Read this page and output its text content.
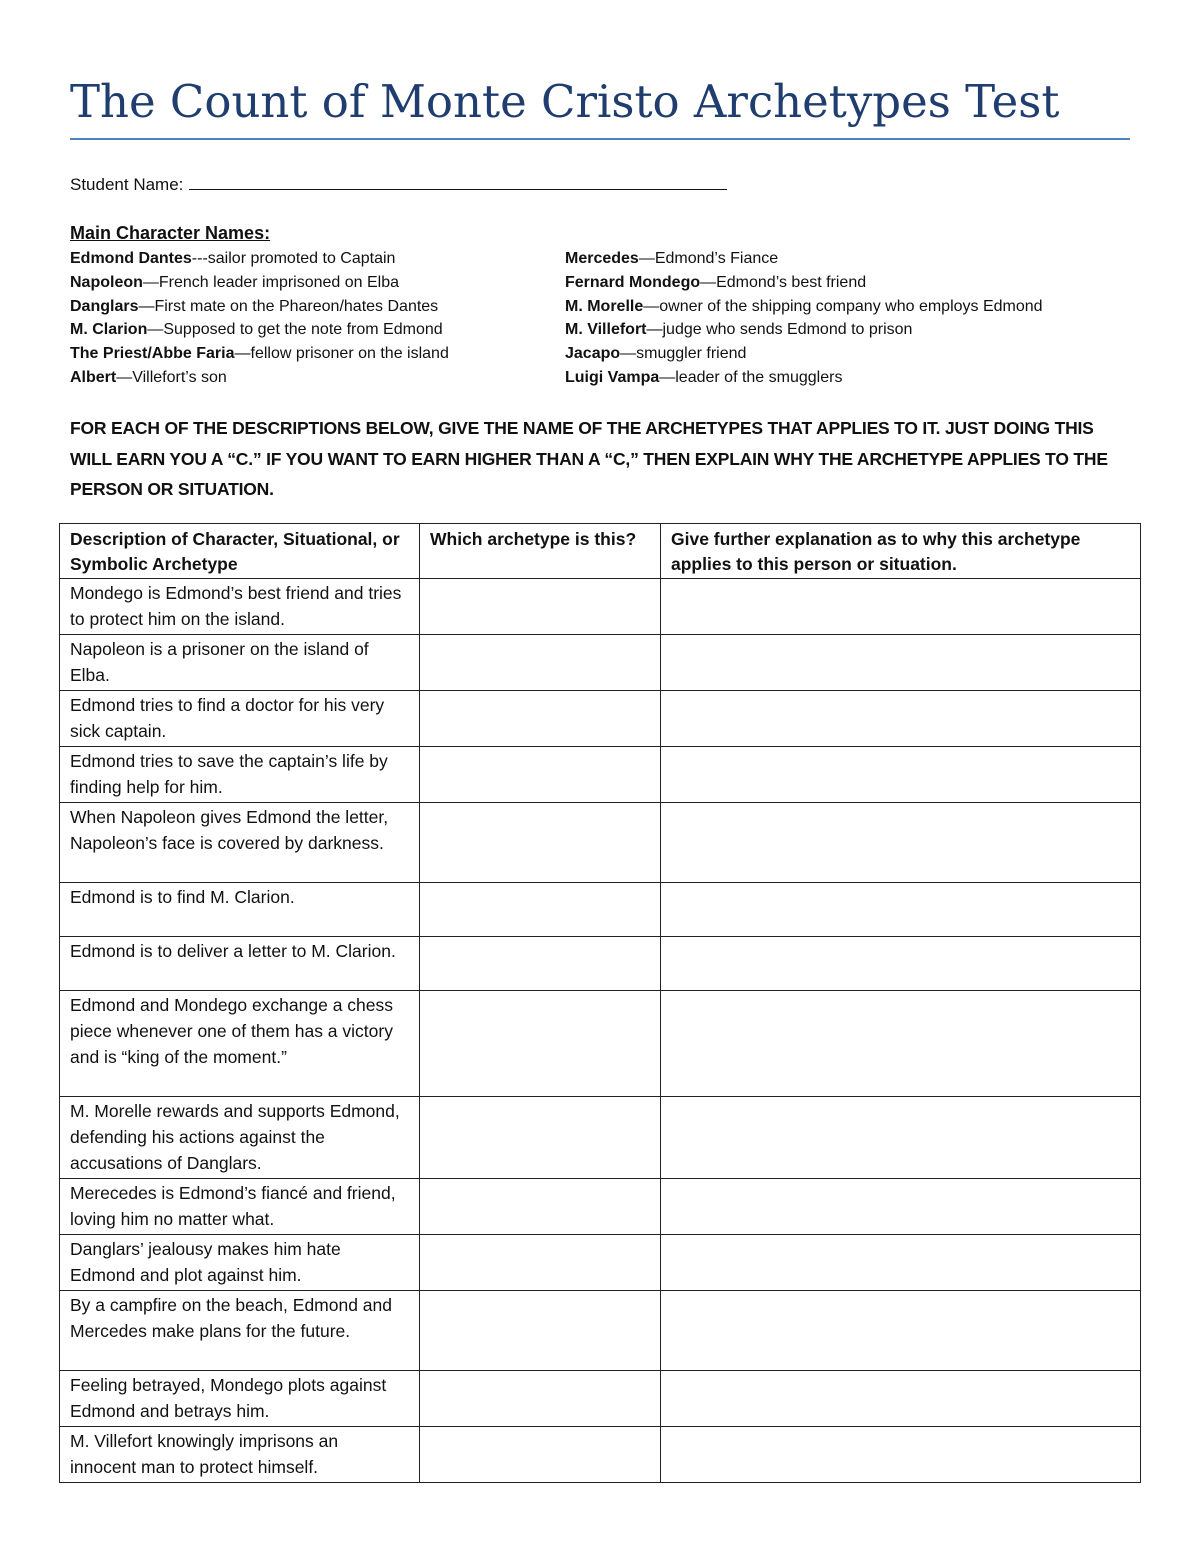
The Count of Monte Cristo Archetypes Test
Student Name:
Main Character Names:
Edmond Dantes---sailor promoted to Captain
Napoleon—French leader imprisoned on Elba
Danglars—First mate on the Phareon/hates Dantes
M. Clarion—Supposed to get the note from Edmond
The Priest/Abbe Faria—fellow prisoner on the island
Albert—Villefort’s son
Mercedes—Edmond’s Fiance
Fernard Mondego—Edmond’s best friend
M. Morelle—owner of the shipping company who employs Edmond
M. Villefort—judge who sends Edmond to prison
Jacapo—smuggler friend
Luigi Vampa—leader of the smugglers
FOR EACH OF THE DESCRIPTIONS BELOW, GIVE THE NAME OF THE ARCHETYPES THAT APPLIES TO IT. JUST DOING THIS WILL EARN YOU A “C.” IF YOU WANT TO EARN HIGHER THAN A “C,” THEN EXPLAIN WHY THE ARCHETYPE APPLIES TO THE PERSON OR SITUATION.
Description of Character, Situational, or Symbolic Archetype	Which archetype is this?	Give further explanation as to why this archetype applies to this person or situation.
Mondego is Edmond’s best friend and tries to protect him on the island.		
Napoleon is a prisoner on the island of Elba.		
Edmond tries to find a doctor for his very sick captain.		
Edmond tries to save the captain’s life by finding help for him.		
When Napoleon gives Edmond the letter, Napoleon’s face is covered by darkness.		
Edmond is to find M. Clarion.		
Edmond is to deliver a letter to M. Clarion.		
Edmond and Mondego exchange a chess piece whenever one of them has a victory and is “king of the moment.”		
M. Morelle rewards and supports Edmond, defending his actions against the accusations of Danglars.		
Merecedes is Edmond’s fiancé and friend, loving him no matter what.		
Danglars’ jealousy makes him hate Edmond and plot against him.		
By a campfire on the beach, Edmond and Mercedes make plans for the future.		
Feeling betrayed, Mondego plots against Edmond and betrays him.		
M. Villefort knowingly imprisons an innocent man to protect himself.		
